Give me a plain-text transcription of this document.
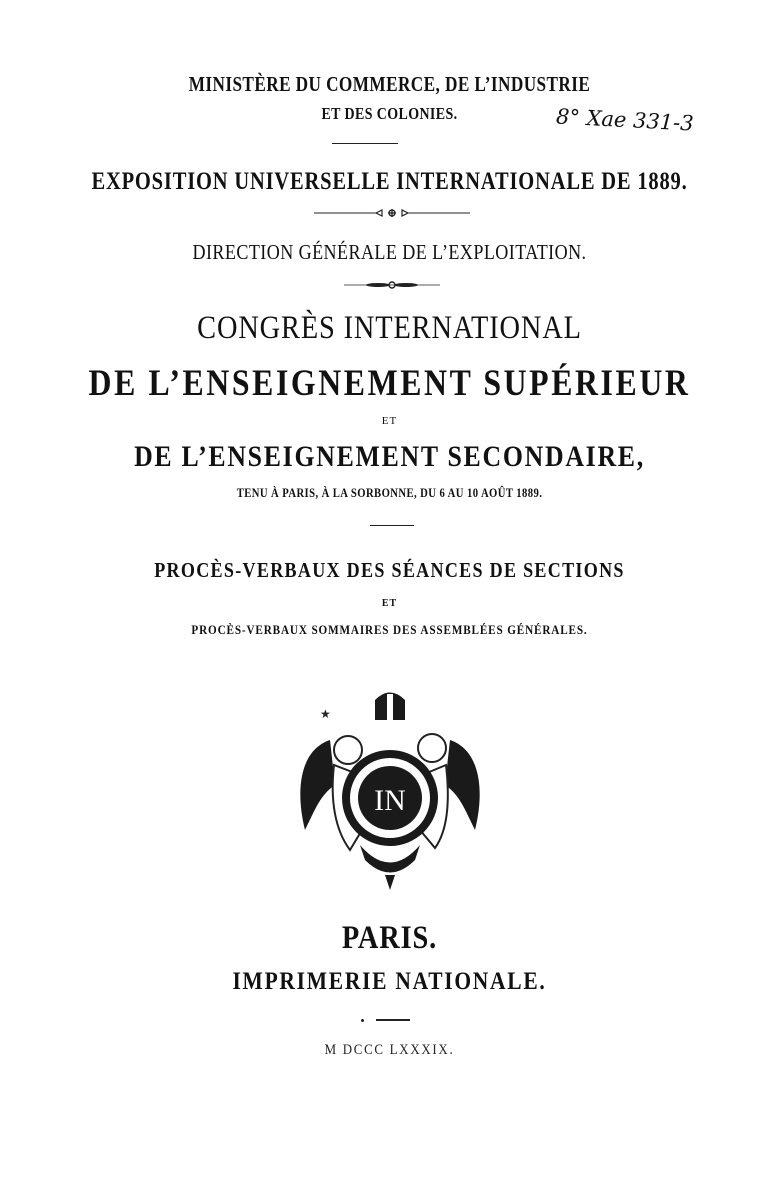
MINISTÈRE DU COMMERCE, DE L’INDUSTRIE
ET DES COLONIES.	8° Xae 331-3
EXPOSITION UNIVERSELLE INTERNATIONALE DE 1889.
DIRECTION GÉNÉRALE DE L’EXPLOITATION.
CONGRÈS INTERNATIONAL
DE L’ENSEIGNEMENT SUPÉRIEUR
ET
DE L’ENSEIGNEMENT SECONDAIRE,
TENU À PARIS, À LA SORBONNE, DU 6 AU 10 AOÛT 1889.
PROCÈS-VERBAUX DES SÉANCES DE SECTIONS
ET
PROCÈS-VERBAUX SOMMAIRES DES ASSEMBLÉES GÉNÉRALES.
★
IN
PARIS.
IMPRIMERIE NATIONALE.
M DCCC LXXXIX.
